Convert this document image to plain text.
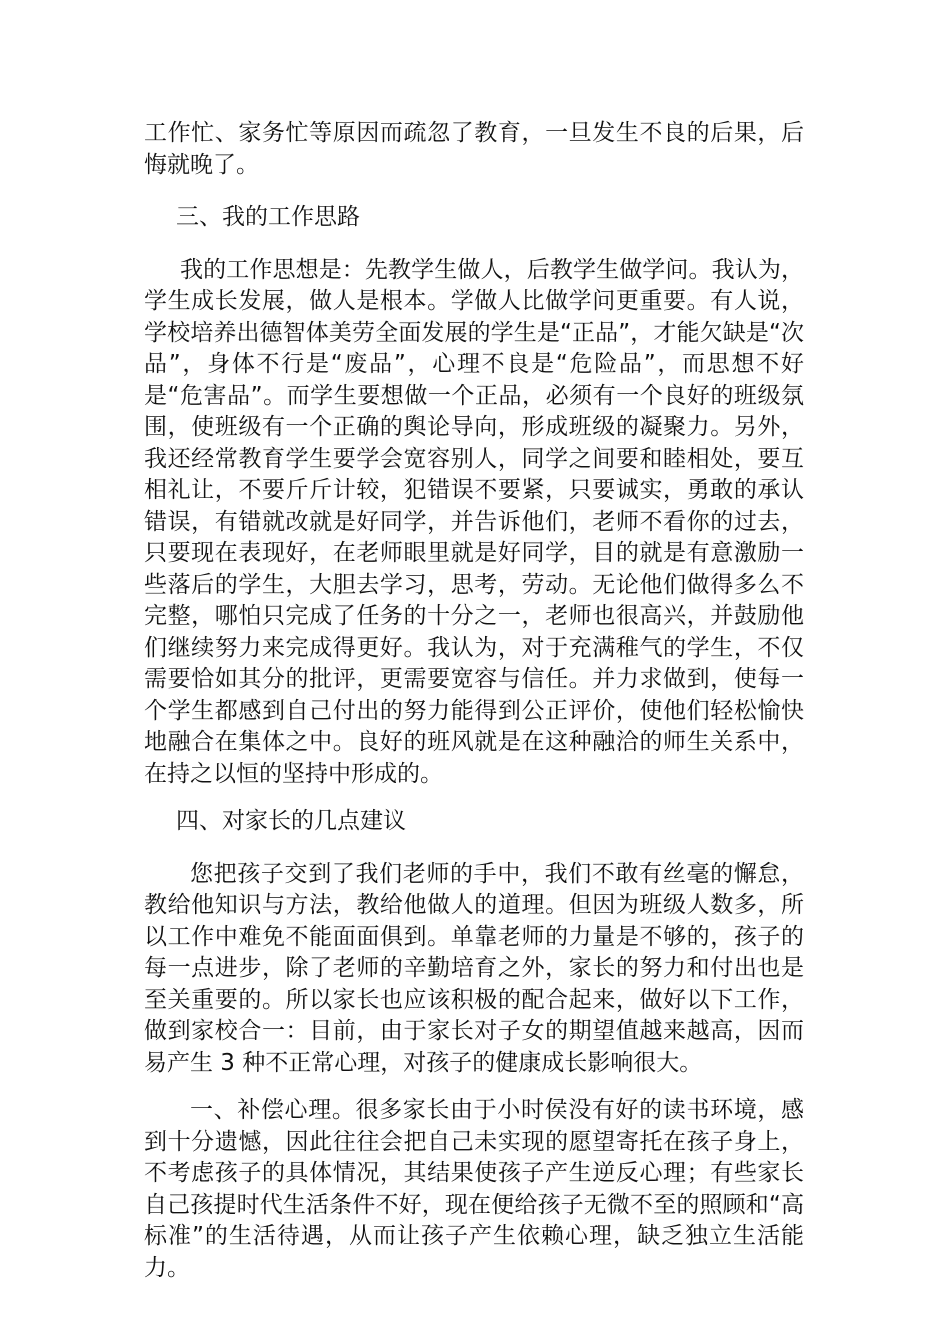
工作忙、家务忙等原因而疏忽了教育，一旦发生不良的后果，后悔就晚了。

三、我的工作思路

我的工作思想是：先教学生做人，后教学生做学问。我认为，学生成长发展，做人是根本。学做人比做学问更重要。有人说，学校培养出德智体美劳全面发展的学生是“正品”，才能欠缺是“次品”，身体不行是“废品”，心理不良是“危险品”，而思想不好是“危害品”。而学生要想做一个正品，必须有一个良好的班级氛围，使班级有一个正确的舆论导向，形成班级的凝聚力。另外，我还经常教育学生要学会宽容别人，同学之间要和睦相处，要互相礼让，不要斤斤计较，犯错误不要紧，只要诚实，勇敢的承认错误，有错就改就是好同学，并告诉他们，老师不看你的过去，只要现在表现好，在老师眼里就是好同学，目的就是有意激励一些落后的学生，大胆去学习，思考，劳动。无论他们做得多么不完整，哪怕只完成了任务的十分之一，老师也很高兴，并鼓励他们继续努力来完成得更好。我认为，对于充满稚气的学生，不仅需要恰如其分的批评，更需要宽容与信任。并力求做到，使每一个学生都感到自己付出的努力能得到公正评价，使他们轻松愉快地融合在集体之中。良好的班风就是在这种融洽的师生关系中，在持之以恒的坚持中形成的。

四、对家长的几点建议

您把孩子交到了我们老师的手中，我们不敢有丝毫的懈怠，教给他知识与方法，教给他做人的道理。但因为班级人数多，所以工作中难免不能面面俱到。单靠老师的力量是不够的，孩子的每一点进步，除了老师的辛勤培育之外，家长的努力和付出也是至关重要的。所以家长也应该积极的配合起来，做好以下工作，做到家校合一：目前，由于家长对子女的期望值越来越高，因而易产生 3 种不正常心理，对孩子的健康成长影响很大。

一、补偿心理。很多家长由于小时侯没有好的读书环境，感到十分遗憾，因此往往会把自己未实现的愿望寄托在孩子身上，不考虑孩子的具体情况，其结果使孩子产生逆反心理；有些家长自己孩提时代生活条件不好，现在便给孩子无微不至的照顾和“高标准”的生活待遇，从而让孩子产生依赖心理，缺乏独立生活能力。
